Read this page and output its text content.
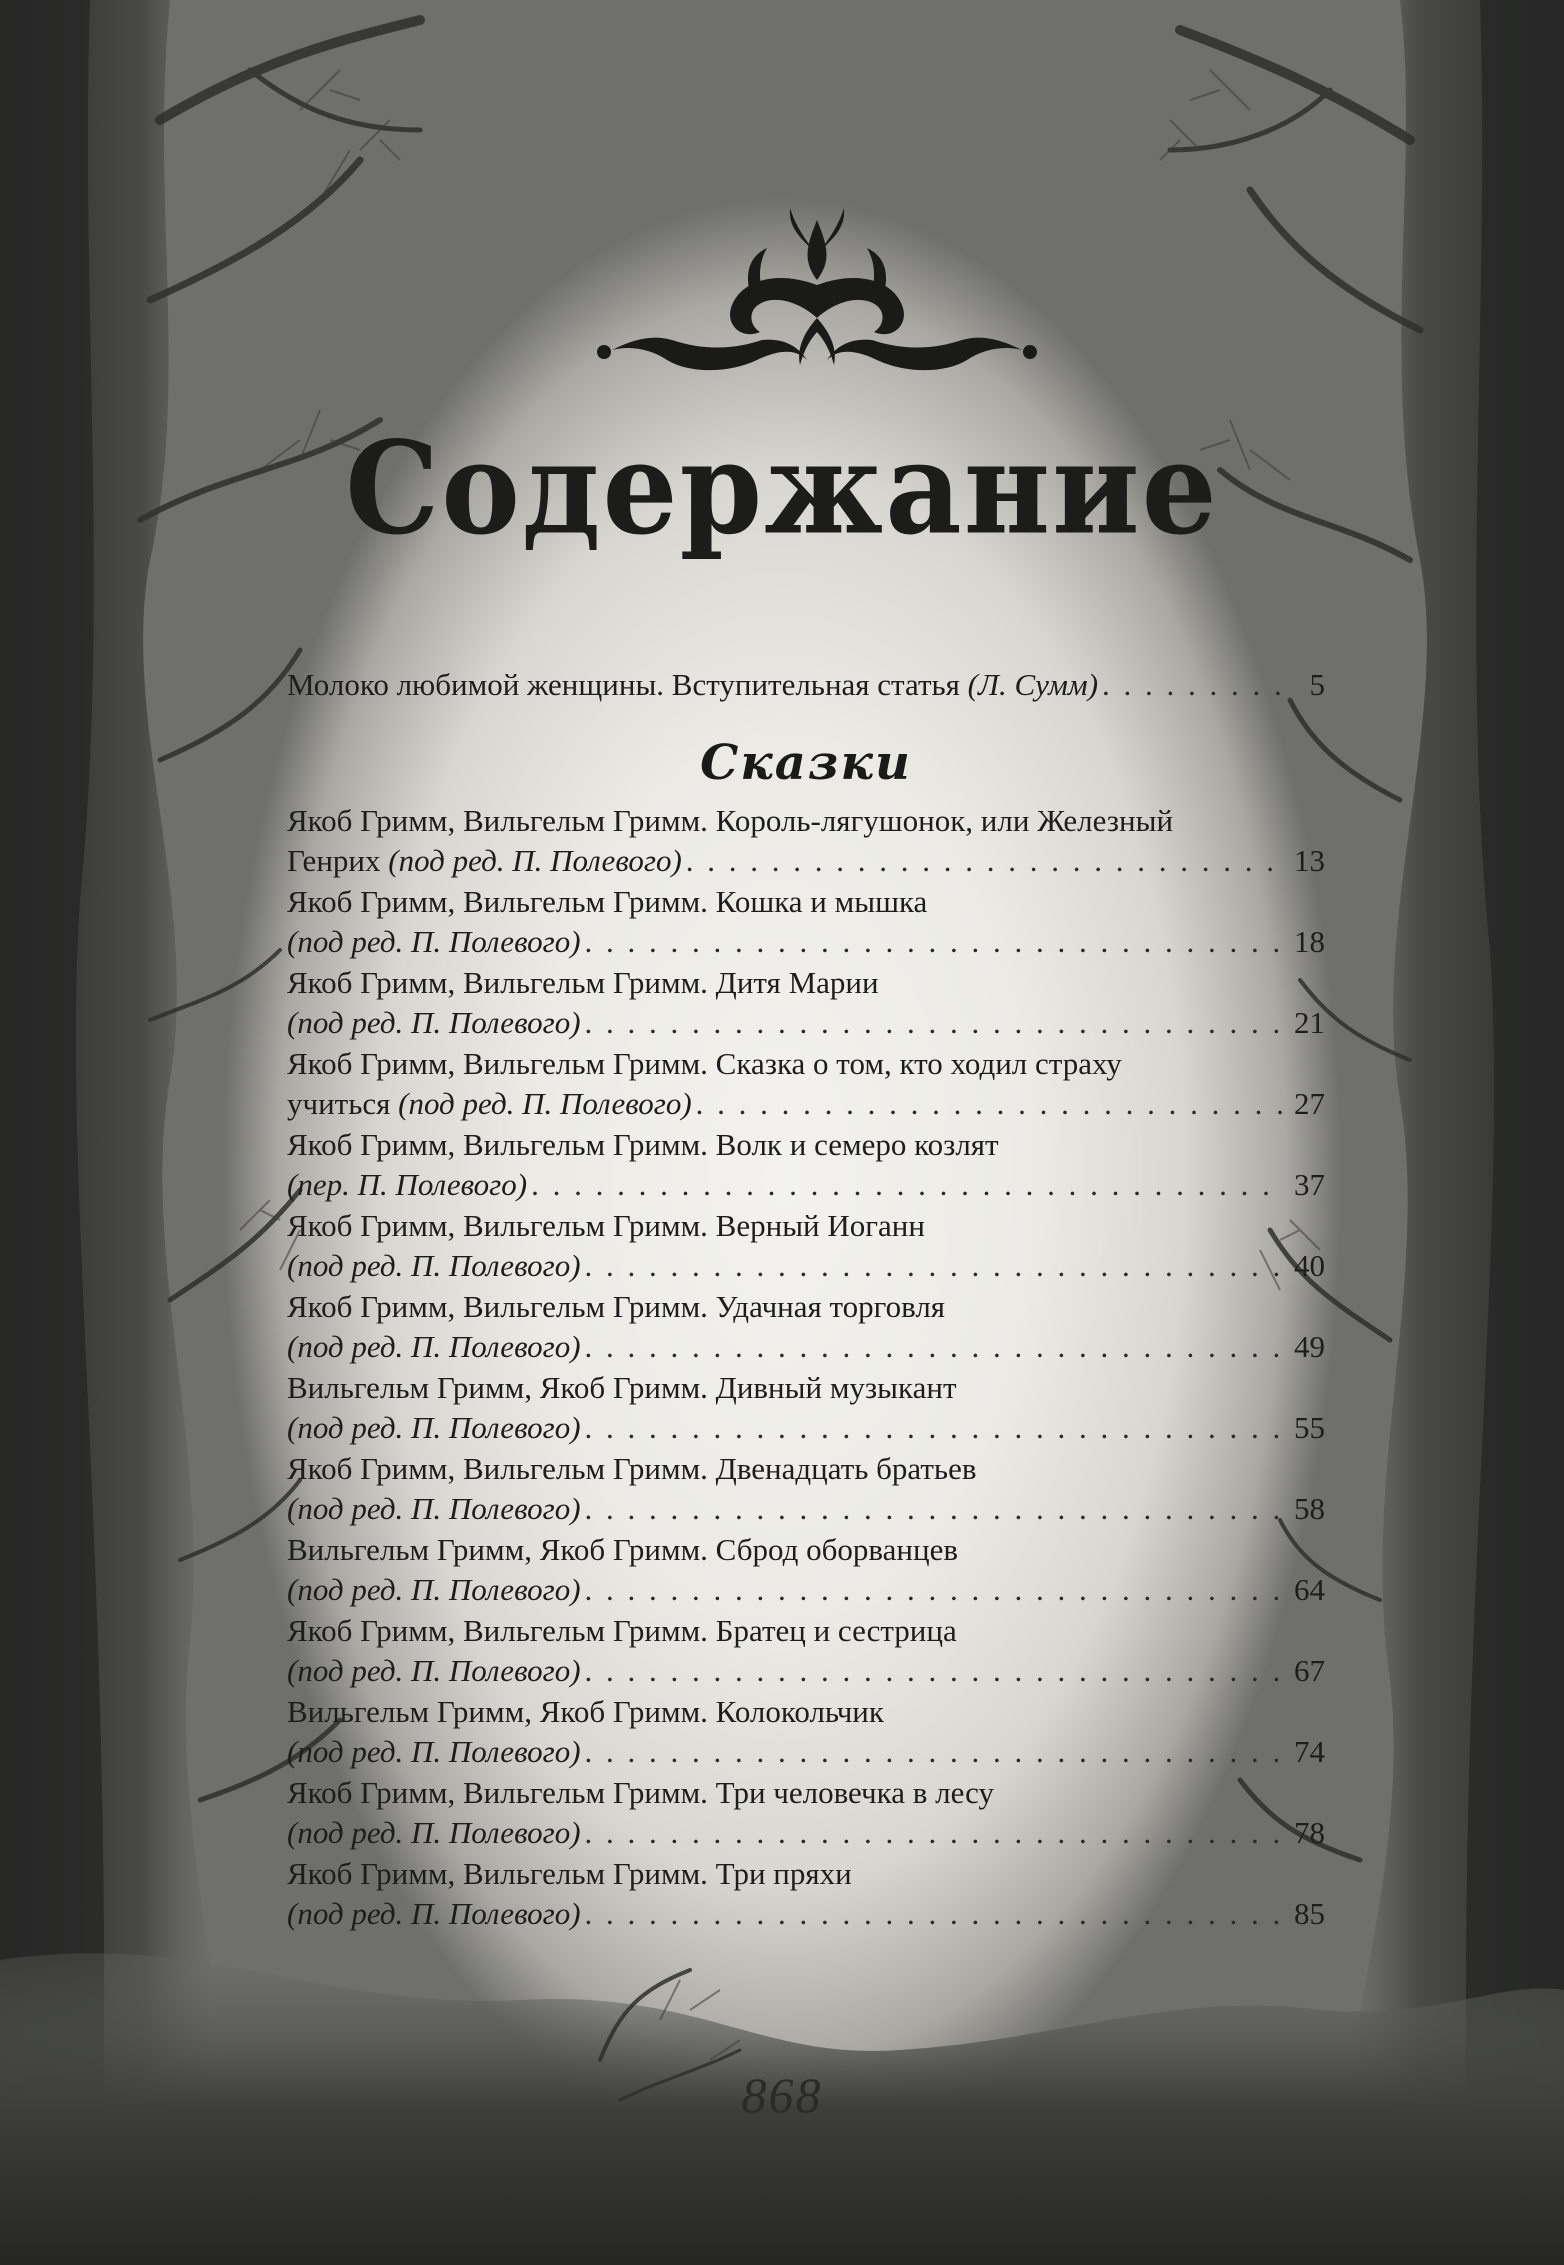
Содержание
Молоко любимой женщины. Вступительная статья (Л. Сумм) . . .	5
Сказки
Якоб Гримм, Вильгельм Гримм. Король-лягушонок, или Железный
Генрих (под ред. П. Полевого) . . .	13
Якоб Гримм, Вильгельм Гримм. Кошка и мышка
(под ред. П. Полевого) . . .	18
Якоб Гримм, Вильгельм Гримм. Дитя Марии
(под ред. П. Полевого) . . .	21
Якоб Гримм, Вильгельм Гримм. Сказка о том, кто ходил страху
учиться (под ред. П. Полевого) . . .	27
Якоб Гримм, Вильгельм Гримм. Волк и семеро козлят
(пер. П. Полевого) . . .	37
Якоб Гримм, Вильгельм Гримм. Верный Иоганн
(под ред. П. Полевого) . . .	40
Якоб Гримм, Вильгельм Гримм. Удачная торговля
(под ред. П. Полевого) . . .	49
Вильгельм Гримм, Якоб Гримм. Дивный музыкант
(под ред. П. Полевого) . . .	55
Якоб Гримм, Вильгельм Гримм. Двенадцать братьев
(под ред. П. Полевого) . . .	58
Вильгельм Гримм, Якоб Гримм. Сброд оборванцев
(под ред. П. Полевого) . . .	64
Якоб Гримм, Вильгельм Гримм. Братец и сестрица
(под ред. П. Полевого) . . .	67
Вильгельм Гримм, Якоб Гримм. Колокольчик
(под ред. П. Полевого) . . .	74
Якоб Гримм, Вильгельм Гримм. Три человечка в лесу
(под ред. П. Полевого) . . .	78
Якоб Гримм, Вильгельм Гримм. Три пряхи
(под ред. П. Полевого) . . .	85
868
